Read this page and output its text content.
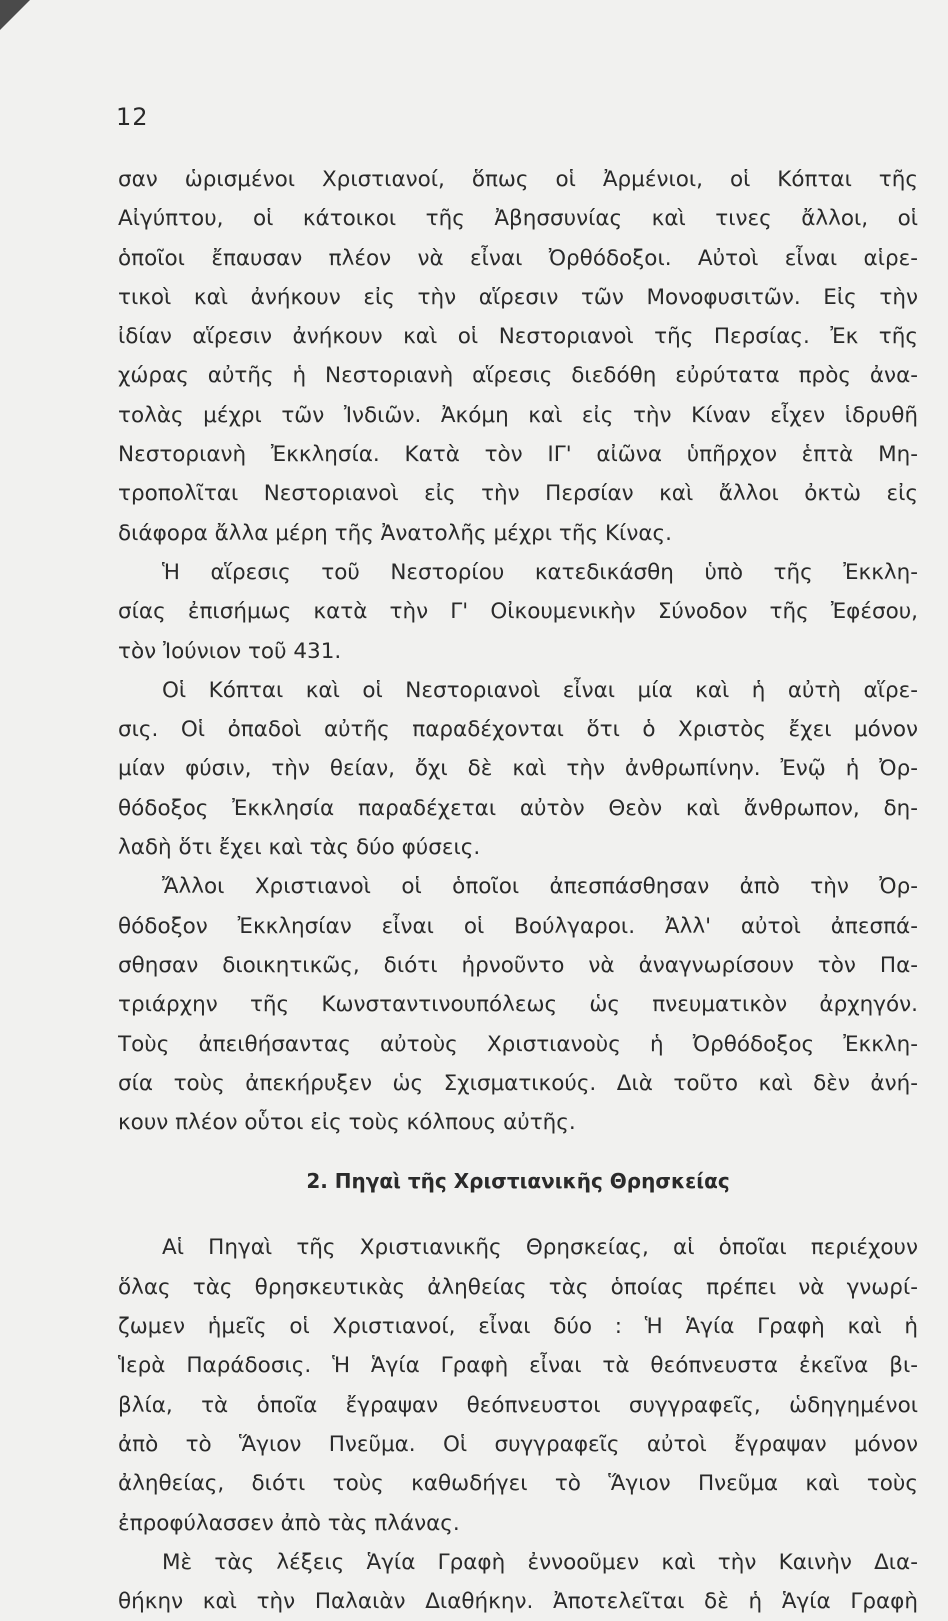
12
σαν ὡρισμένοι Χριστιανοί, ὅπως οἱ Ἀρμένιοι, οἱ Κόπται τῆς
Αἰγύπτου, οἱ κάτοικοι τῆς Ἀβησσυνίας καὶ τινες ἄλλοι, οἱ
ὁποῖοι ἔπαυσαν πλέον νὰ εἶναι Ὀρθόδοξοι. Αὐτοὶ εἶναι αἱρε-
τικοὶ καὶ ἀνήκουν εἰς τὴν αἵρεσιν τῶν Μονοφυσιτῶν. Εἰς τὴν
ἰδίαν αἵρεσιν ἀνήκουν καὶ οἱ Νεστοριανοὶ τῆς Περσίας. Ἐκ τῆς
χώρας αὐτῆς ἡ Νεστοριανὴ αἵρεσις διεδόθη εὐρύτατα πρὸς ἀνα-
τολὰς μέχρι τῶν Ἰνδιῶν. Ἀκόμη καὶ εἰς τὴν Κίναν εἶχεν ἱδρυθῆ
Νεστοριανὴ Ἐκκλησία. Κατὰ τὸν ΙΓ' αἰῶνα ὑπῆρχον ἑπτὰ Μη-
τροπολῖται Νεστοριανοὶ εἰς τὴν Περσίαν καὶ ἄλλοι ὀκτὼ εἰς
διάφορα ἄλλα μέρη τῆς Ἀνατολῆς μέχρι τῆς Κίνας.
Ἡ αἵρεσις τοῦ Νεστορίου κατεδικάσθη ὑπὸ τῆς Ἐκκλη-
σίας ἐπισήμως κατὰ τὴν Γ' Οἰκουμενικὴν Σύνοδον τῆς Ἐφέσου,
τὸν Ἰούνιον τοῦ 431.
Οἱ Κόπται καὶ οἱ Νεστοριανοὶ εἶναι μία καὶ ἡ αὐτὴ αἵρε-
σις. Οἱ ὀπαδοὶ αὐτῆς παραδέχονται ὅτι ὁ Χριστὸς ἔχει μόνον
μίαν φύσιν, τὴν θείαν, ὄχι δὲ καὶ τὴν ἀνθρωπίνην. Ἐνῷ ἡ Ὀρ-
θόδοξος Ἐκκλησία παραδέχεται αὐτὸν Θεὸν καὶ ἄνθρωπον, δη-
λαδὴ ὅτι ἔχει καὶ τὰς δύο φύσεις.
Ἄλλοι Χριστιανοὶ οἱ ὁποῖοι ἀπεσπάσθησαν ἀπὸ τὴν Ὀρ-
θόδοξον Ἐκκλησίαν εἶναι οἱ Βούλγαροι. Ἀλλ' αὐτοὶ ἀπεσπά-
σθησαν διοικητικῶς, διότι ἠρνοῦντο νὰ ἀναγνωρίσουν τὸν Πα-
τριάρχην τῆς Κωνσταντινουπόλεως ὡς πνευματικὸν ἀρχηγόν.
Τοὺς ἀπειθήσαντας αὐτοὺς Χριστιανοὺς ἡ Ὀρθόδοξος Ἐκκλη-
σία τοὺς ἀπεκήρυξεν ὡς Σχισματικούς. Διὰ τοῦτο καὶ δὲν ἀνή-
κουν πλέον οὗτοι εἰς τοὺς κόλπους αὐτῆς.
2. Πηγαὶ τῆς Χριστιανικῆς Θρησκείας
Αἱ Πηγαὶ τῆς Χριστιανικῆς Θρησκείας, αἱ ὁποῖαι περιέχουν
ὅλας τὰς θρησκευτικὰς ἀληθείας τὰς ὁποίας πρέπει νὰ γνωρί-
ζωμεν ἡμεῖς οἱ Χριστιανοί, εἶναι δύο : Ἡ Ἁγία Γραφὴ καὶ ἡ
Ἱερὰ Παράδοσις. Ἡ Ἁγία Γραφὴ εἶναι τὰ θεόπνευστα ἐκεῖνα βι-
βλία, τὰ ὁποῖα ἔγραψαν θεόπνευστοι συγγραφεῖς, ὡδηγημένοι
ἀπὸ τὸ Ἅγιον Πνεῦμα. Οἱ συγγραφεῖς αὐτοὶ ἔγραψαν μόνον
ἀληθείας, διότι τοὺς καθωδήγει τὸ Ἅγιον Πνεῦμα καὶ τοὺς
ἐπροφύλασσεν ἀπὸ τὰς πλάνας.
Μὲ τὰς λέξεις Ἁγία Γραφὴ ἐννοοῦμεν καὶ τὴν Καινὴν Δια-
θήκην καὶ τὴν Παλαιὰν Διαθήκην. Ἀποτελεῖται δὲ ἡ Ἁγία Γραφὴ
